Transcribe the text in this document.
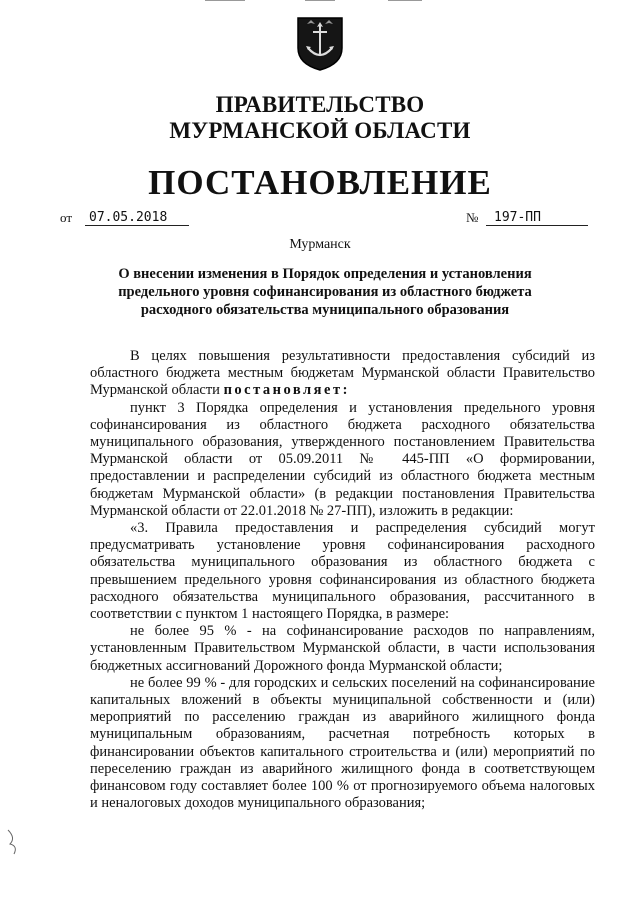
ПРАВИТЕЛЬСТВО
МУРМАНСКОЙ ОБЛАСТИ
ПОСТАНОВЛЕНИЕ
от	07.05.2018	№	197-ПП
Мурманск
О внесении изменения в Порядок определения и установления предельного уровня софинансирования из областного бюджета расходного обязательства муниципального образования

В целях повышения результативности предоставления субсидий из областного бюджета местным бюджетам Мурманской области Правительство Мурманской области постановляет:

пункт 3 Порядка определения и установления предельного уровня софинансирования из областного бюджета расходного обязательства муниципального образования, утвержденного постановлением Правительства Мурманской области от 05.09.2011 № 445-ПП «О формировании, предоставлении и распределении субсидий из областного бюджета местным бюджетам Мурманской области» (в редакции постановления Правительства Мурманской области от 22.01.2018 № 27-ПП), изложить в редакции:

«3. Правила предоставления и распределения субсидий могут предусматривать установление уровня софинансирования расходного обязательства муниципального образования из областного бюджета с превышением предельного уровня софинансирования из областного бюджета расходного обязательства муниципального образования, рассчитанного в соответствии с пунктом 1 настоящего Порядка, в размере:

не более 95 % - на софинансирование расходов по направлениям, установленным Правительством Мурманской области, в части использования бюджетных ассигнований Дорожного фонда Мурманской области;

не более 99 % - для городских и сельских поселений на софинансирование капитальных вложений в объекты муниципальной собственности и (или) мероприятий по расселению граждан из аварийного жилищного фонда муниципальным образованиям, расчетная потребность которых в финансировании объектов капитального строительства и (или) мероприятий по переселению граждан из аварийного жилищного фонда в соответствующем финансовом году составляет более 100 % от прогнозируемого объема налоговых и неналоговых доходов муниципального образования;
